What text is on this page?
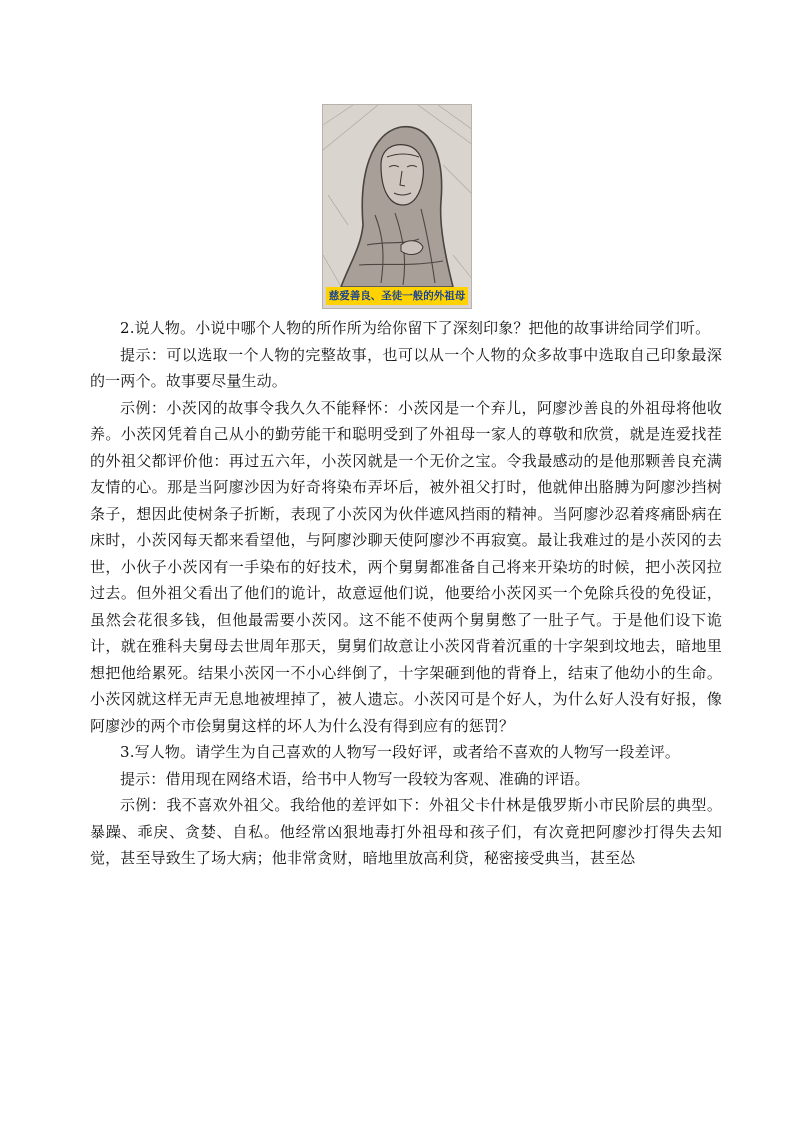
慈爱善良、圣徒一般的外祖母

2.说人物。小说中哪个人物的所作所为给你留下了深刻印象？把他的故事讲给同学们听。

提示：可以选取一个人物的完整故事，也可以从一个人物的众多故事中选取自己印象最深的一两个。故事要尽量生动。

示例：小茨冈的故事令我久久不能释怀：小茨冈是一个弃儿，阿廖沙善良的外祖母将他收养。小茨冈凭着自己从小的勤劳能干和聪明受到了外祖母一家人的尊敬和欣赏，就是连爱找茬的外祖父都评价他：再过五六年，小茨冈就是一个无价之宝。令我最感动的是他那颗善良充满友情的心。那是当阿廖沙因为好奇将染布弄坏后，被外祖父打时，他就伸出胳膊为阿廖沙挡树条子，想因此使树条子折断，表现了小茨冈为伙伴遮风挡雨的精神。当阿廖沙忍着疼痛卧病在床时，小茨冈每天都来看望他，与阿廖沙聊天使阿廖沙不再寂寞。最让我难过的是小茨冈的去世，小伙子小茨冈有一手染布的好技术，两个舅舅都准备自己将来开染坊的时候，把小茨冈拉过去。但外祖父看出了他们的诡计，故意逗他们说，他要给小茨冈买一个免除兵役的免役证，虽然会花很多钱，但他最需要小茨冈。这不能不使两个舅舅憋了一肚子气。于是他们设下诡计，就在雅科夫舅母去世周年那天，舅舅们故意让小茨冈背着沉重的十字架到坟地去，暗地里想把他给累死。结果小茨冈一不小心绊倒了，十字架砸到他的背脊上，结束了他幼小的生命。小茨冈就这样无声无息地被埋掉了，被人遗忘。小茨冈可是个好人，为什么好人没有好报，像阿廖沙的两个市侩舅舅这样的坏人为什么没有得到应有的惩罚？

3.写人物。请学生为自己喜欢的人物写一段好评，或者给不喜欢的人物写一段差评。

提示：借用现在网络术语，给书中人物写一段较为客观、准确的评语。

示例：我不喜欢外祖父。我给他的差评如下：外祖父卡什林是俄罗斯小市民阶层的典型。暴躁、乖戾、贪婪、自私。他经常凶狠地毒打外祖母和孩子们，有次竟把阿廖沙打得失去知觉，甚至导致生了场大病；他非常贪财，暗地里放高利贷，秘密接受典当，甚至怂
